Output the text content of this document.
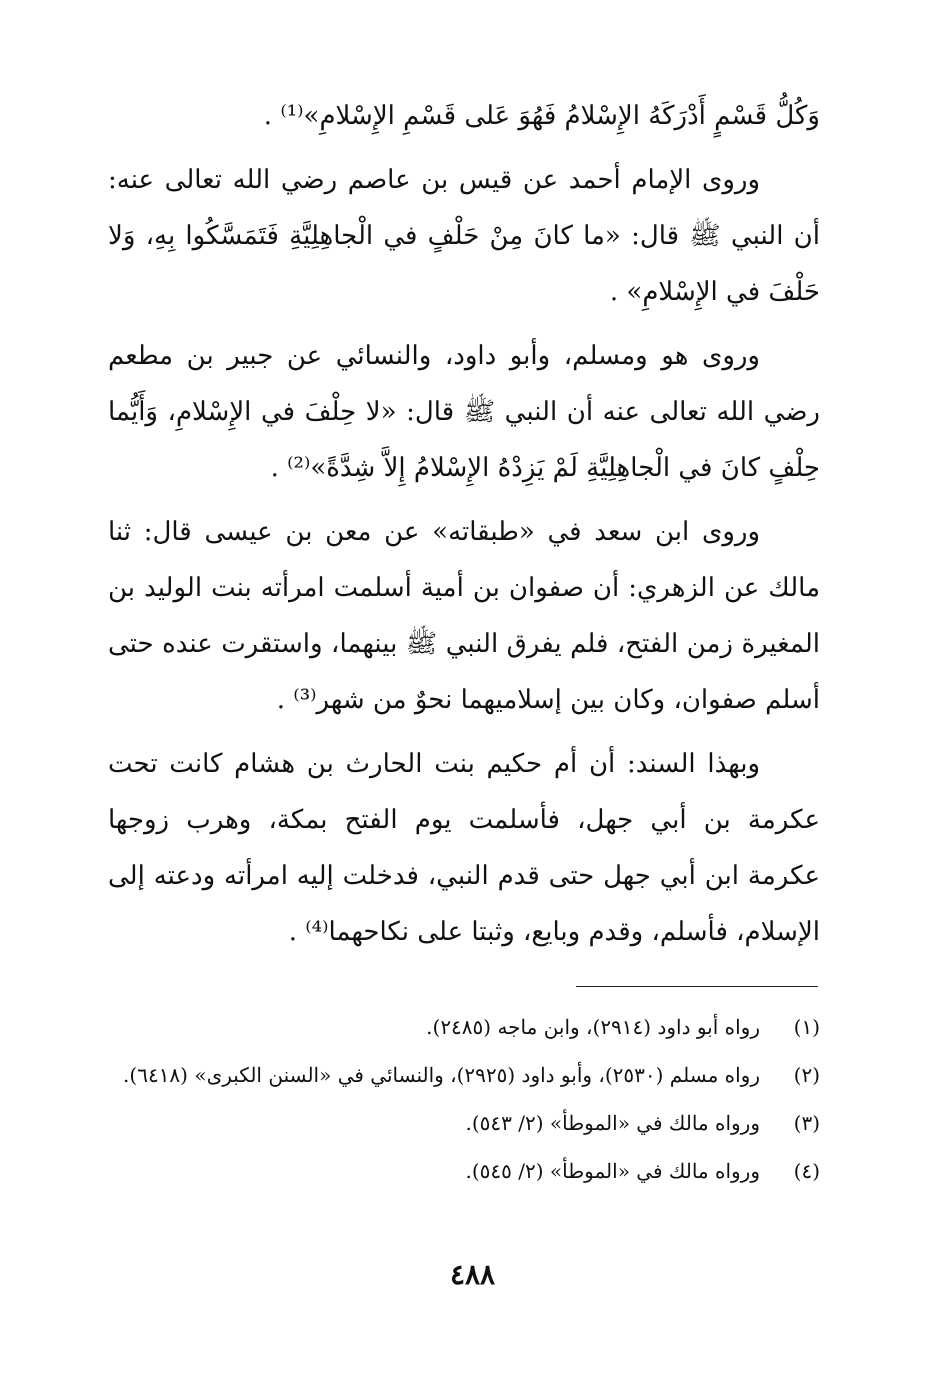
وَكُلُّ قَسْمٍ أَدْرَكَهُ الإِسْلامُ فَهُوَ عَلى قَسْمِ الإِسْلامِ»⁽¹⁾ .

وروى الإمام أحمد عن قيس بن عاصم رضي الله تعالى عنه: أن النبي ﷺ قال: «ما كانَ مِنْ حَلْفٍ في الْجاهِلِيَّةِ فَتَمَسَّكُوا بِهِ، وَلا حَلْفَ في الإِسْلامِ» .

وروى هو ومسلم، وأبو داود، والنسائي عن جبير بن مطعم رضي الله تعالى عنه أن النبي ﷺ قال: «لا حِلْفَ في الإِسْلامِ، وَأَيُّما حِلْفٍ كانَ في الْجاهِلِيَّةِ لَمْ يَزِدْهُ الإِسْلامُ إِلاَّ شِدَّةً»⁽²⁾ .

وروى ابن سعد في «طبقاته» عن معن بن عيسى قال: ثنا مالك عن الزهري: أن صفوان بن أمية أسلمت امرأته بنت الوليد بن المغيرة زمن الفتح، فلم يفرق النبي ﷺ بينهما، واستقرت عنده حتى أسلم صفوان، وكان بين إسلاميهما نحوٌ من شهر⁽³⁾ .

وبهذا السند: أن أم حكيم بنت الحارث بن هشام كانت تحت عكرمة بن أبي جهل، فأسلمت يوم الفتح بمكة، وهرب زوجها عكرمة ابن أبي جهل حتى قدم النبي، فدخلت إليه امرأته ودعته إلى الإسلام، فأسلم، وقدم وبايع، وثبتا على نكاحهما⁽⁴⁾ .

(١)
رواه أبو داود (٢٩١٤)، وابن ماجه (٢٤٨٥).
(٢)
رواه مسلم (٢٥٣٠)، وأبو داود (٢٩٢٥)، والنسائي في «السنن الكبرى» (٦٤١٨).
(٣)
ورواه مالك في «الموطأ» (٢/ ٥٤٣).
(٤)
ورواه مالك في «الموطأ» (٢/ ٥٤٥).
٤٨٨
